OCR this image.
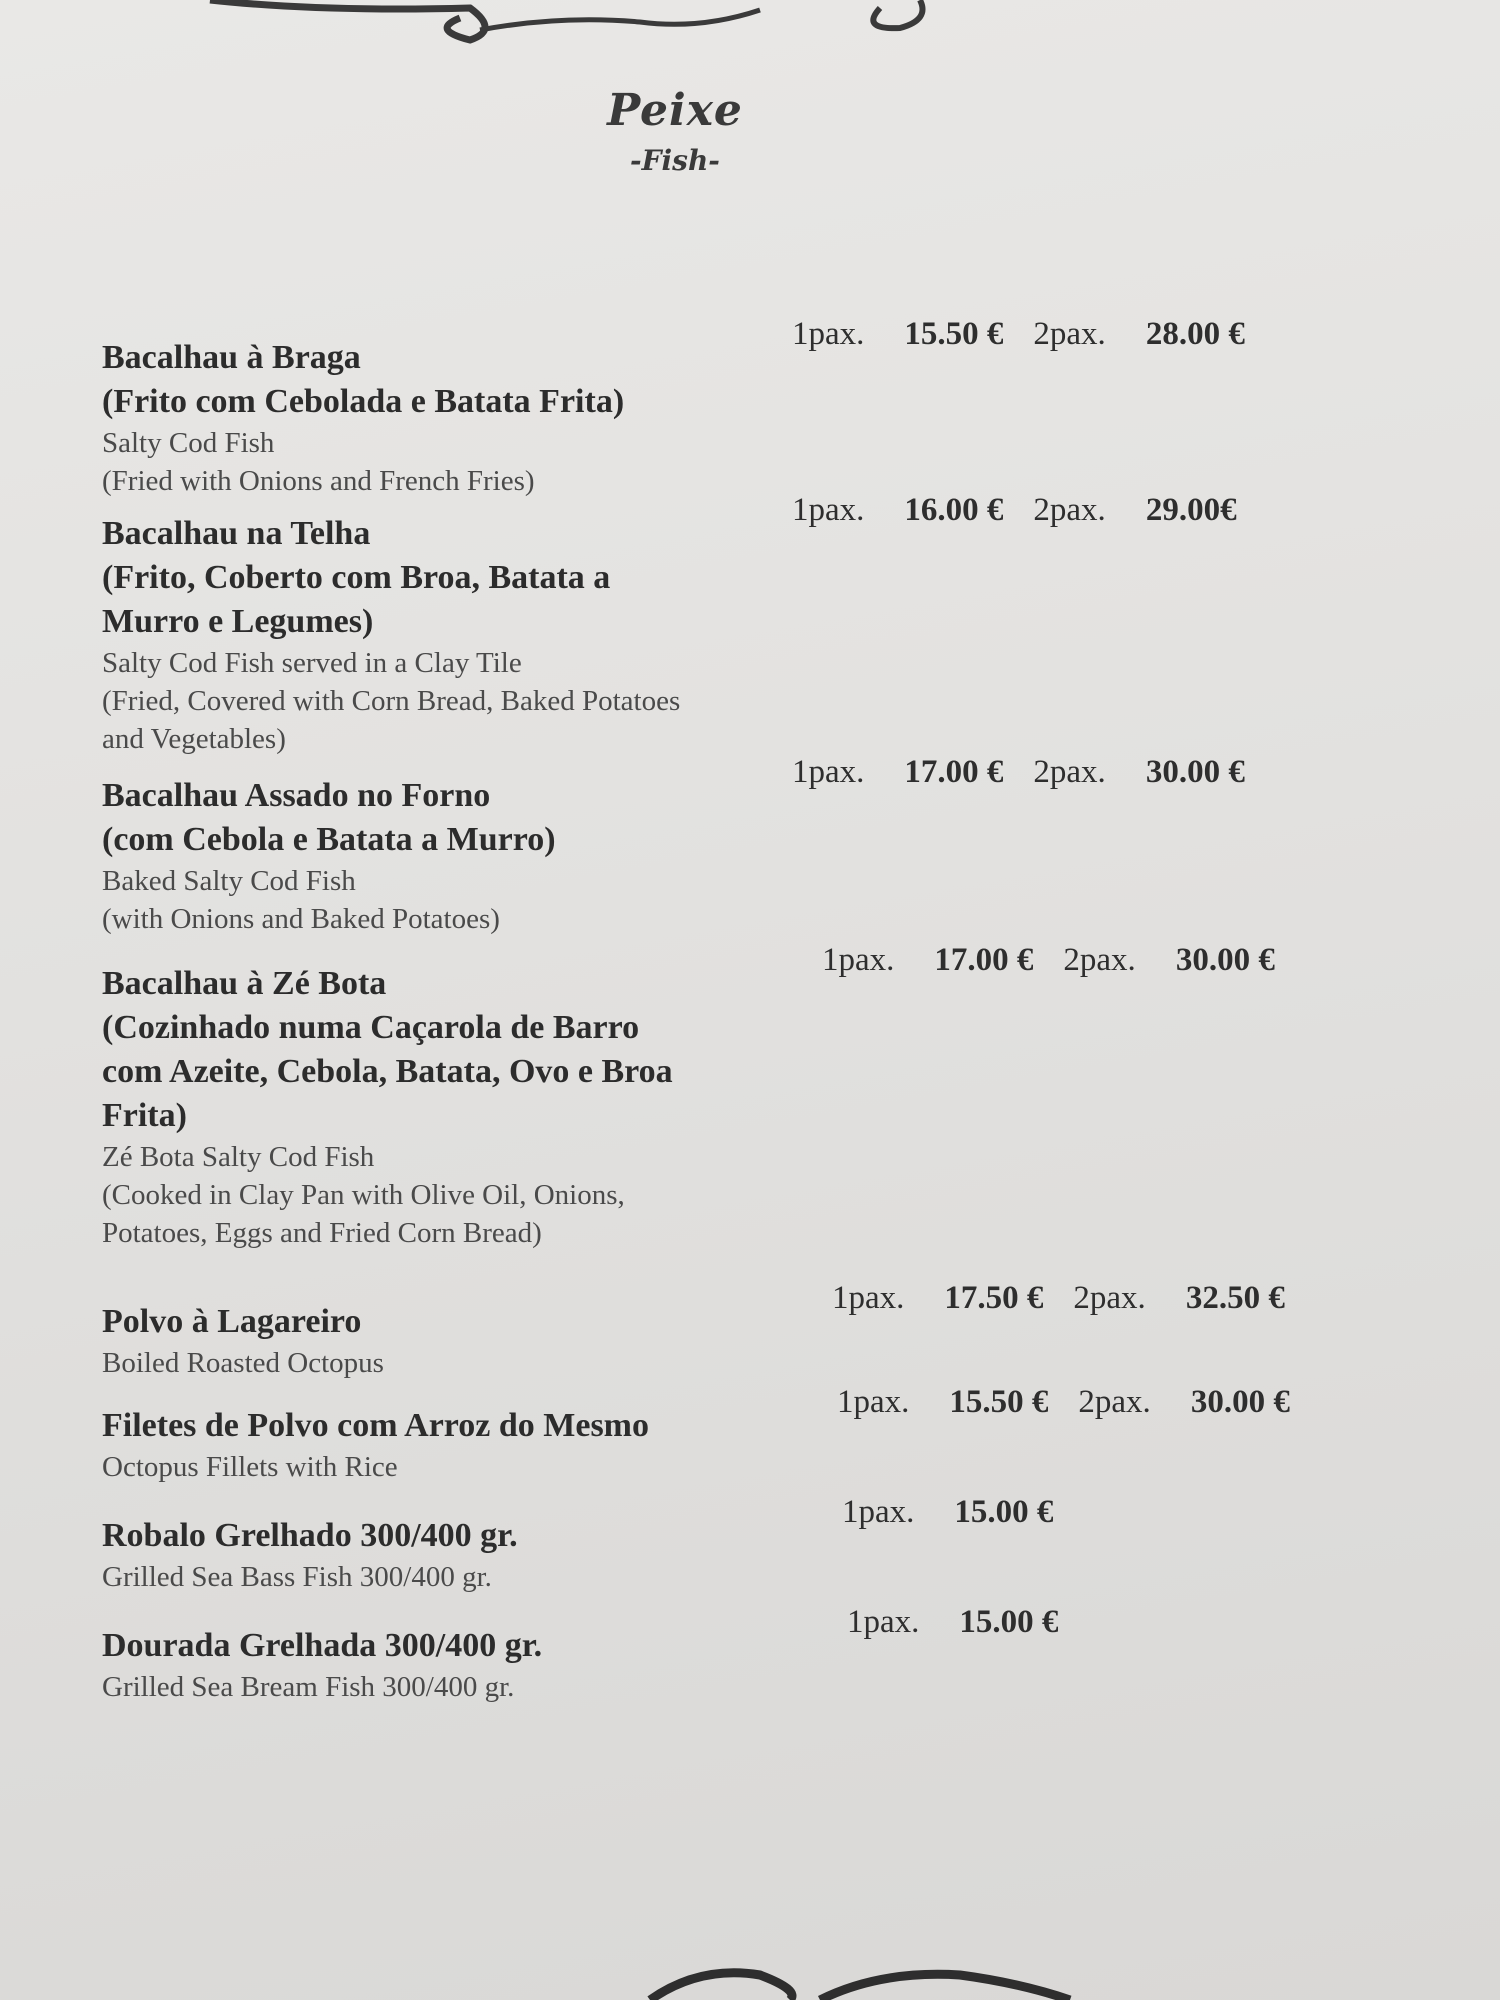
Peixe
-Fish-
Bacalhau à Braga
(Frito com Cebolada e Batata Frita)
Salty Cod Fish
(Fried with Onions and French Fries)
1pax. 15.50 € 2pax. 28.00 €
Bacalhau na Telha
(Frito, Coberto com Broa, Batata a
Murro e Legumes)
Salty Cod Fish served in a Clay Tile
(Fried, Covered with Corn Bread, Baked Potatoes
and Vegetables)
1pax. 16.00 € 2pax. 29.00€
Bacalhau Assado no Forno
(com Cebola e Batata a Murro)
Baked Salty Cod Fish
(with Onions and Baked Potatoes)
1pax. 17.00 € 2pax. 30.00 €
Bacalhau à Zé Bota
(Cozinhado numa Caçarola de Barro
com Azeite, Cebola, Batata, Ovo e Broa
Frita)
Zé Bota Salty Cod Fish
(Cooked in Clay Pan with Olive Oil, Onions,
Potatoes, Eggs and Fried Corn Bread)
1pax. 17.00 € 2pax. 30.00 €
Polvo à Lagareiro
Boiled Roasted Octopus
1pax. 17.50 € 2pax. 32.50 €
Filetes de Polvo com Arroz do Mesmo
Octopus Fillets with Rice
1pax. 15.50 € 2pax. 30.00 €
Robalo Grelhado 300/400 gr.
Grilled Sea Bass Fish 300/400 gr.
1pax. 15.00 €
Dourada Grelhada 300/400 gr.
Grilled Sea Bream Fish 300/400 gr.
1pax. 15.00 €
